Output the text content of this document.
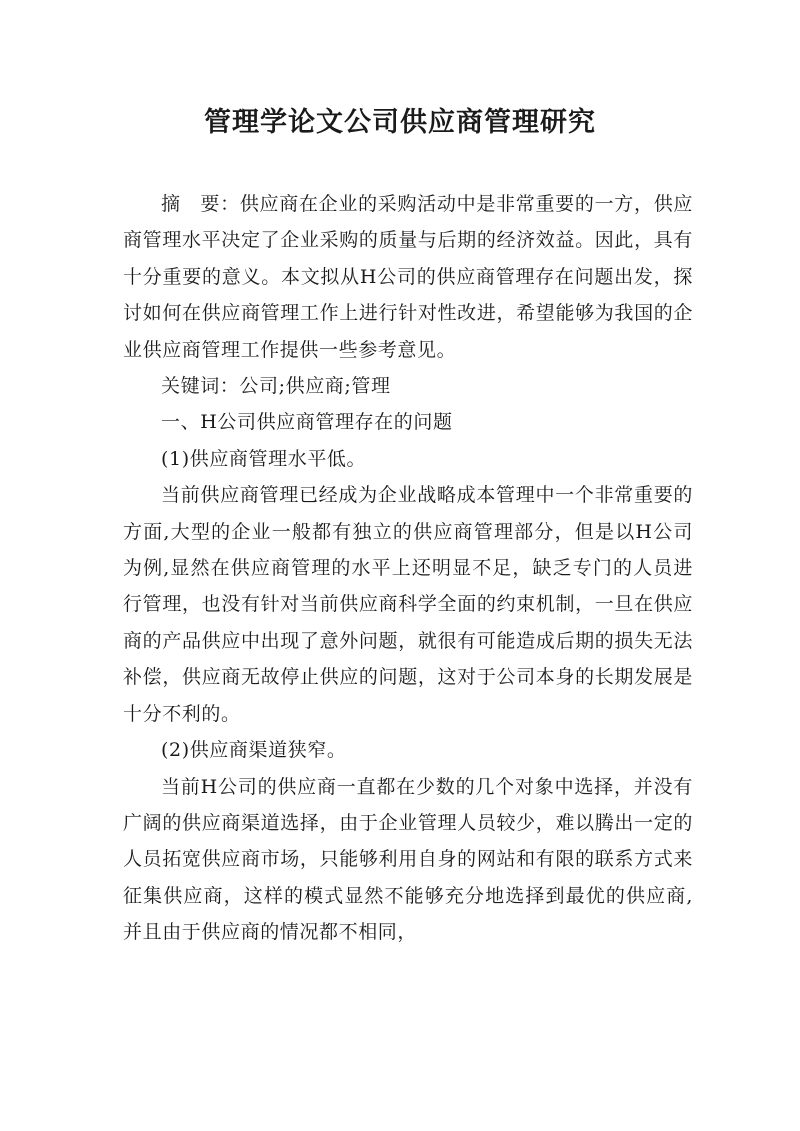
管理学论文公司供应商管理研究

摘　要：供应商在企业的采购活动中是非常重要的一方，供应商管理水平决定了企业采购的质量与后期的经济效益。因此，具有十分重要的意义。本文拟从H公司的供应商管理存在问题出发，探讨如何在供应商管理工作上进行针对性改进，希望能够为我国的企业供应商管理工作提供一些参考意见。

关键词：公司;供应商;管理

一、H公司供应商管理存在的问题

(1)供应商管理水平低。

当前供应商管理已经成为企业战略成本管理中一个非常重要的方面,大型的企业一般都有独立的供应商管理部分，但是以H公司为例,显然在供应商管理的水平上还明显不足，缺乏专门的人员进行管理，也没有针对当前供应商科学全面的约束机制，一旦在供应商的产品供应中出现了意外问题，就很有可能造成后期的损失无法补偿，供应商无故停止供应的问题，这对于公司本身的长期发展是十分不利的。

(2)供应商渠道狭窄。

当前H公司的供应商一直都在少数的几个对象中选择，并没有广阔的供应商渠道选择，由于企业管理人员较少，难以腾出一定的人员拓宽供应商市场，只能够利用自身的网站和有限的联系方式来征集供应商，这样的模式显然不能够充分地选择到最优的供应商,并且由于供应商的情况都不相同，
